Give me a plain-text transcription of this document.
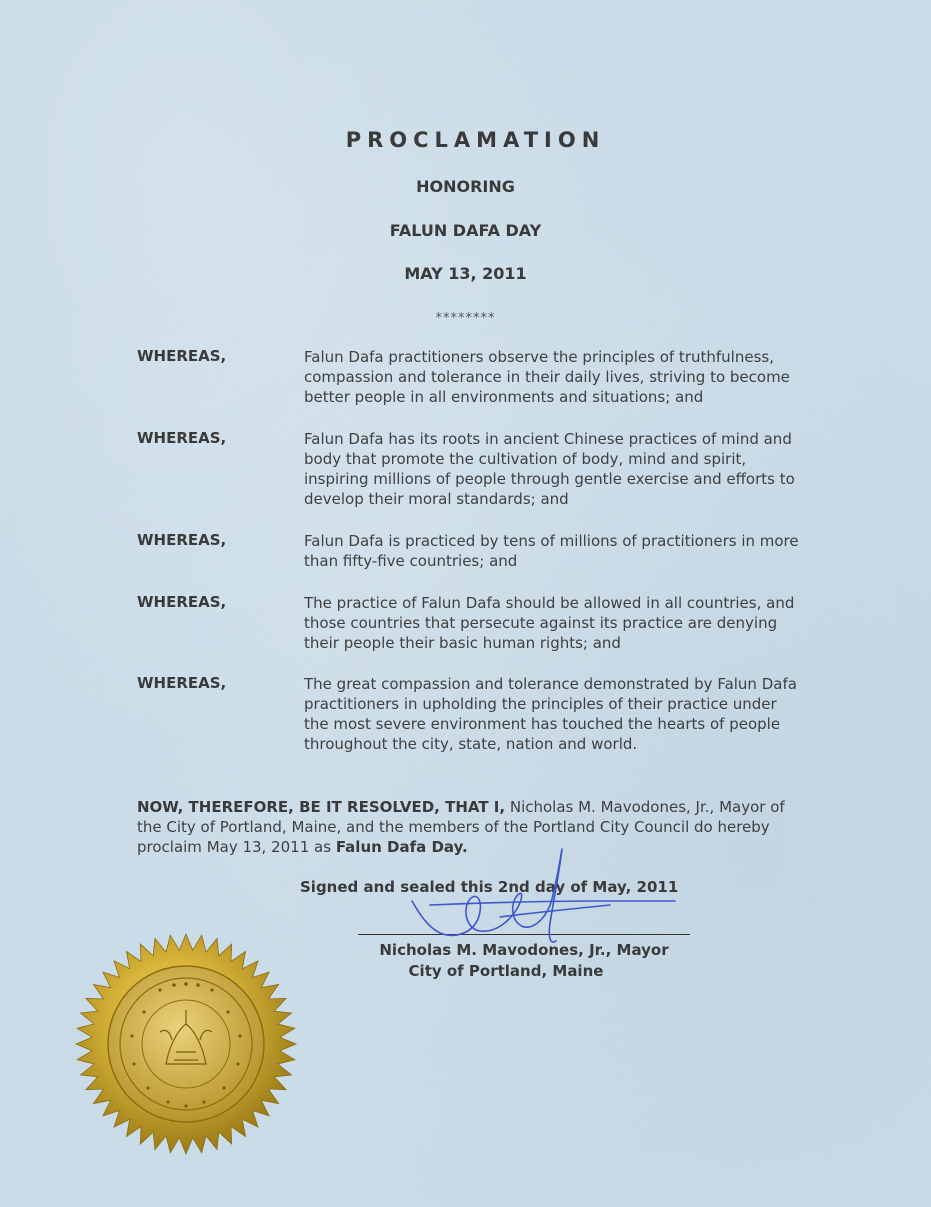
PROCLAMATION
HONORING
FALUN DAFA DAY
MAY 13, 2011
********
WHEREAS,	Falun Dafa practitioners observe the principles of truthfulness, compassion and tolerance in their daily lives, striving to become better people in all environments and situations; and
WHEREAS,	Falun Dafa has its roots in ancient Chinese practices of mind and body that promote the cultivation of body, mind and spirit, inspiring millions of people through gentle exercise and efforts to develop their moral standards; and
WHEREAS,	Falun Dafa is practiced by tens of millions of practitioners in more than fifty-five countries; and
WHEREAS,	The practice of Falun Dafa should be allowed in all countries, and those countries that persecute against its practice are denying their people their basic human rights; and
WHEREAS,	The great compassion and tolerance demonstrated by Falun Dafa practitioners in upholding the principles of their practice under the most severe environment has touched the hearts of people throughout the city, state, nation and world.
NOW, THEREFORE, BE IT RESOLVED, THAT I, Nicholas M. Mavodones, Jr., Mayor of the City of Portland, Maine, and the members of the Portland City Council do hereby proclaim May 13, 2011 as Falun Dafa Day.
Signed and sealed this 2nd day of May, 2011
Nicholas M. Mavodones, Jr., Mayor
City of Portland, Maine
